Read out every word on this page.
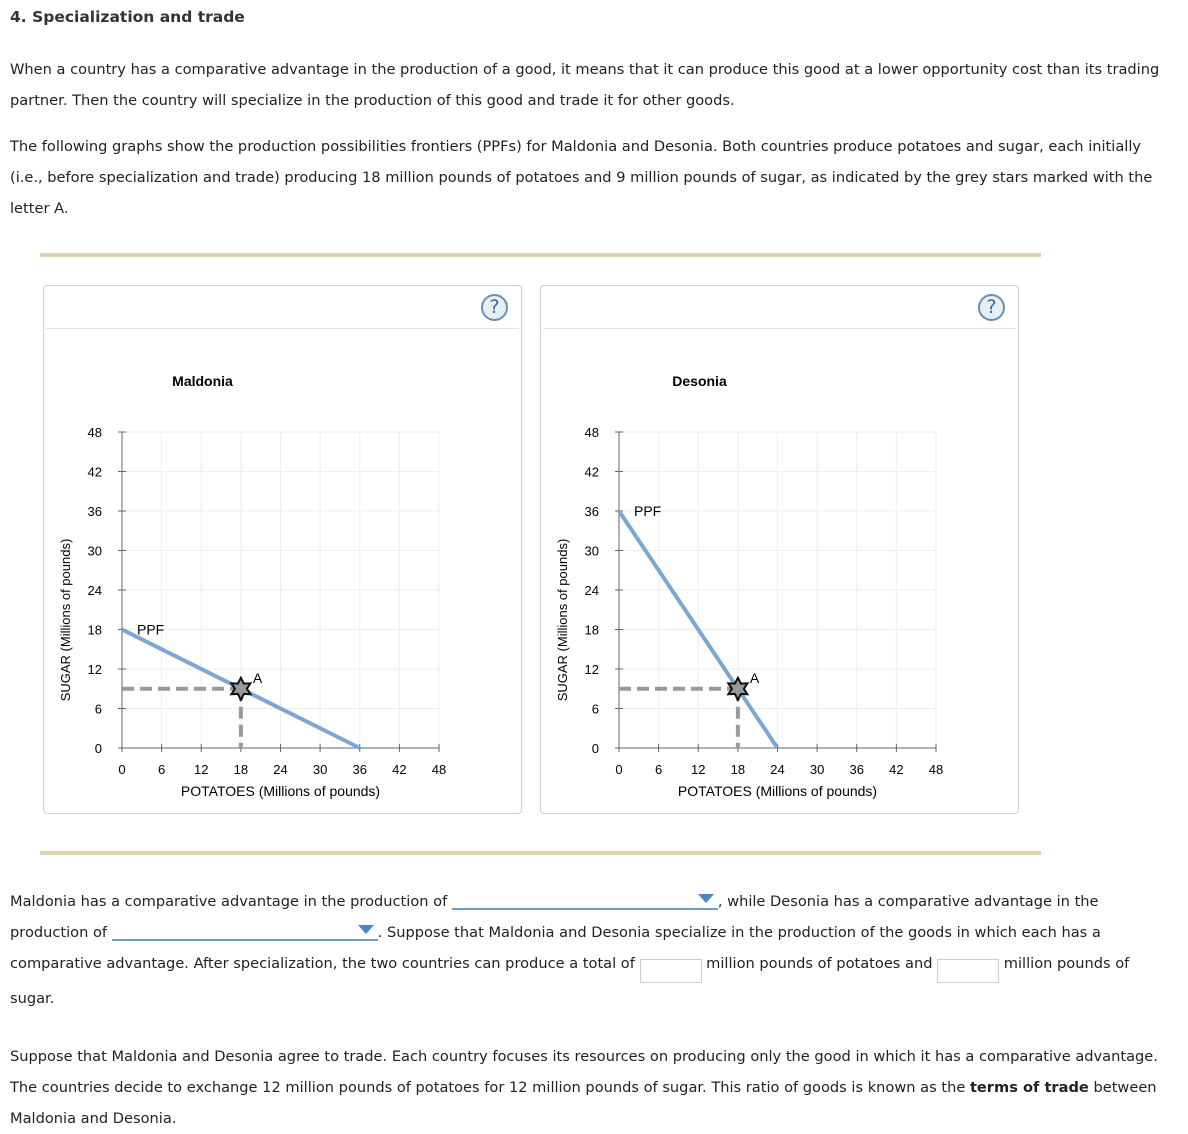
4. Specialization and trade
When a country has a comparative advantage in the production of a good, it means that it can produce this good at a lower opportunity cost than its trading partner. Then the country will specialize in the production of this good and trade it for other goods.
The following graphs show the production possibilities frontiers (PPFs) for Maldonia and Desonia. Both countries produce potatoes and sugar, each initially (i.e., before specialization and trade) producing 18 million pounds of potatoes and 9 million pounds of sugar, as indicated by the grey stars marked with the letter A.
?
0 6 12 18 24 30 36 42 48
0
6
12
18
24
30
36
42
48
Maldonia
POTATOES (Millions of pounds)
SUGAR (Millions of pounds)	PPF
A
?
0 6 12 18 24 30 36 42 48
0
6
12
18
24
30
36
42
48
Desonia
POTATOES (Millions of pounds)
SUGAR (Millions of pounds)
PPF
A
Maldonia has a comparative advantage in the production of	, while Desonia has a comparative advantage in the production of	. Suppose that Maldonia and Desonia specialize in the production of the goods in which each has a comparative advantage. After specialization, the two countries can produce a total of	million pounds of potatoes and	million pounds of sugar.
Suppose that Maldonia and Desonia agree to trade. Each country focuses its resources on producing only the good in which it has a comparative advantage. The countries decide to exchange 12 million pounds of potatoes for 12 million pounds of sugar. This ratio of goods is known as the terms of trade between Maldonia and Desonia.
